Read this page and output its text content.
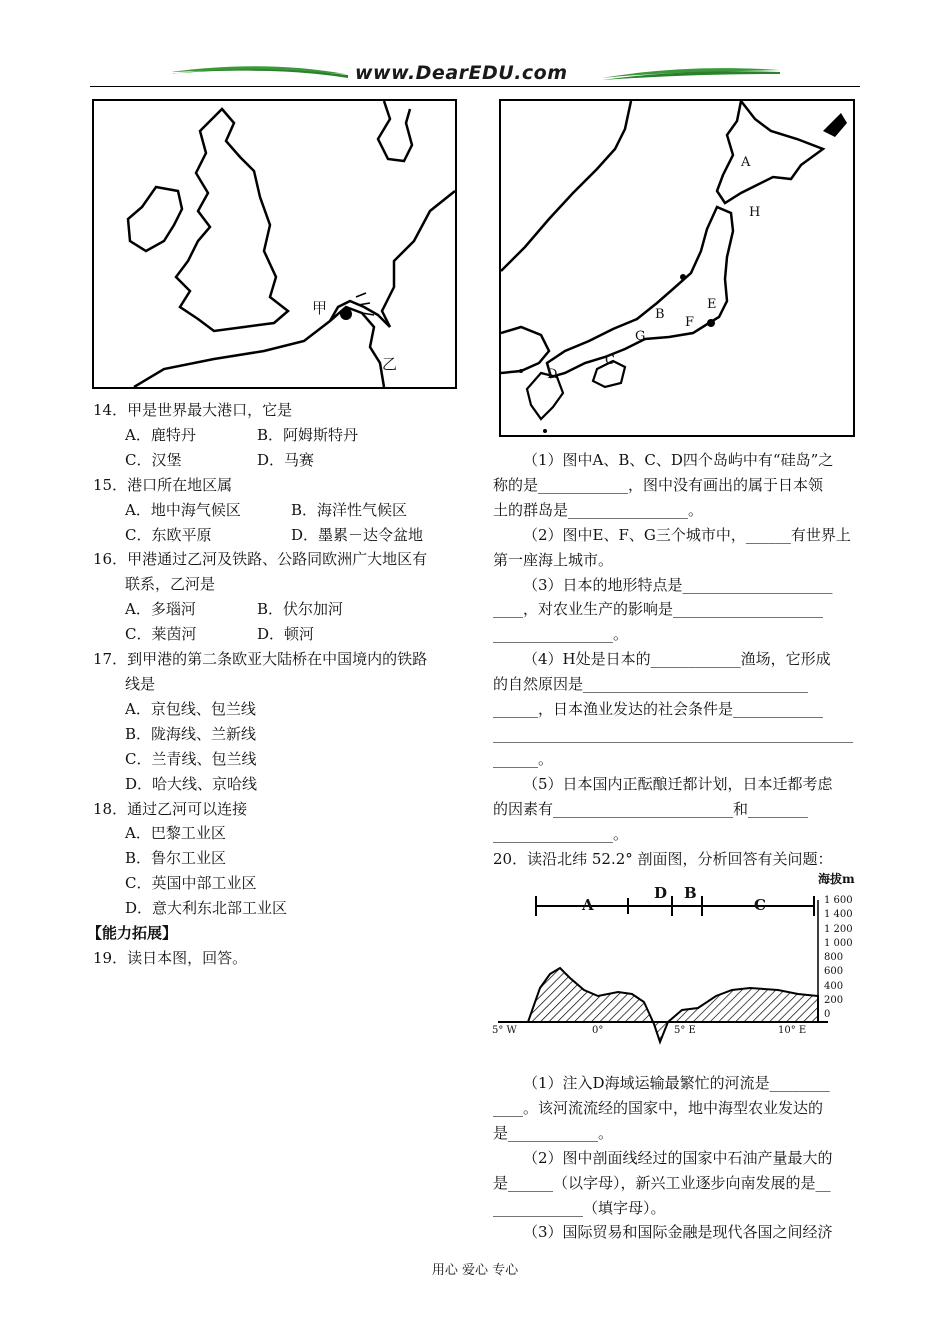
www.DearEDU.com
甲
乙
A
H
B
F
E
G
C
D
14．甲是世界最大港口，它是
A．鹿特丹	B．阿姆斯特丹
C．汉堡	D．马赛
15．港口所在地区属
A．地中海气候区	B．海洋性气候区
C．东欧平原	D．墨累－达令盆地
16．甲港通过乙河及铁路、公路同欧洲广大地区有
联系，乙河是
A．多瑙河	B．伏尔加河
C．莱茵河	D．顿河
17．到甲港的第二条欧亚大陆桥在中国境内的铁路
线是
A．京包线、包兰线
B．陇海线、兰新线
C．兰青线、包兰线
D．哈大线、京哈线
18．通过乙河可以连接
A．巴黎工业区
B．鲁尔工业区
C．英国中部工业区
D．意大利东北部工业区
【能力拓展】
19．读日本图，回答。

（1）图中A、B、C、D四个岛屿中有“硅岛”之

称的是____________，图中没有画出的属于日本领

土的群岛是________________。

（2）图中E、F、G三个城市中，______有世界上

第一座海上城市。

（3）日本的地形特点是____________________

____，对农业生产的影响是____________________

________________。

（4）H处是日本的____________渔场，它形成

的自然原因是______________________________

______，日本渔业发达的社会条件是____________

________________________________________________

______。

（5）日本国内正酝酿迁都计划，日本迁都考虑

的因素有________________________和________

________________。

20．读沿北纬 52.2° 剖面图，分析回答有关问题：

A
D B
C
海拔m
1 600
1 400
1 200
1 000
800
600
400
200
0
5° W	0°	5° E	10° E

（1）注入D海域运输最繁忙的河流是________

____。该河流流经的国家中，地中海型农业发达的

是____________。

（2）图中剖面线经过的国家中石油产量最大的

是______（以字母），新兴工业逐步向南发展的是__

____________（填字母）。

（3）国际贸易和国际金融是现代各国之间经济

用心 爱心 专心
